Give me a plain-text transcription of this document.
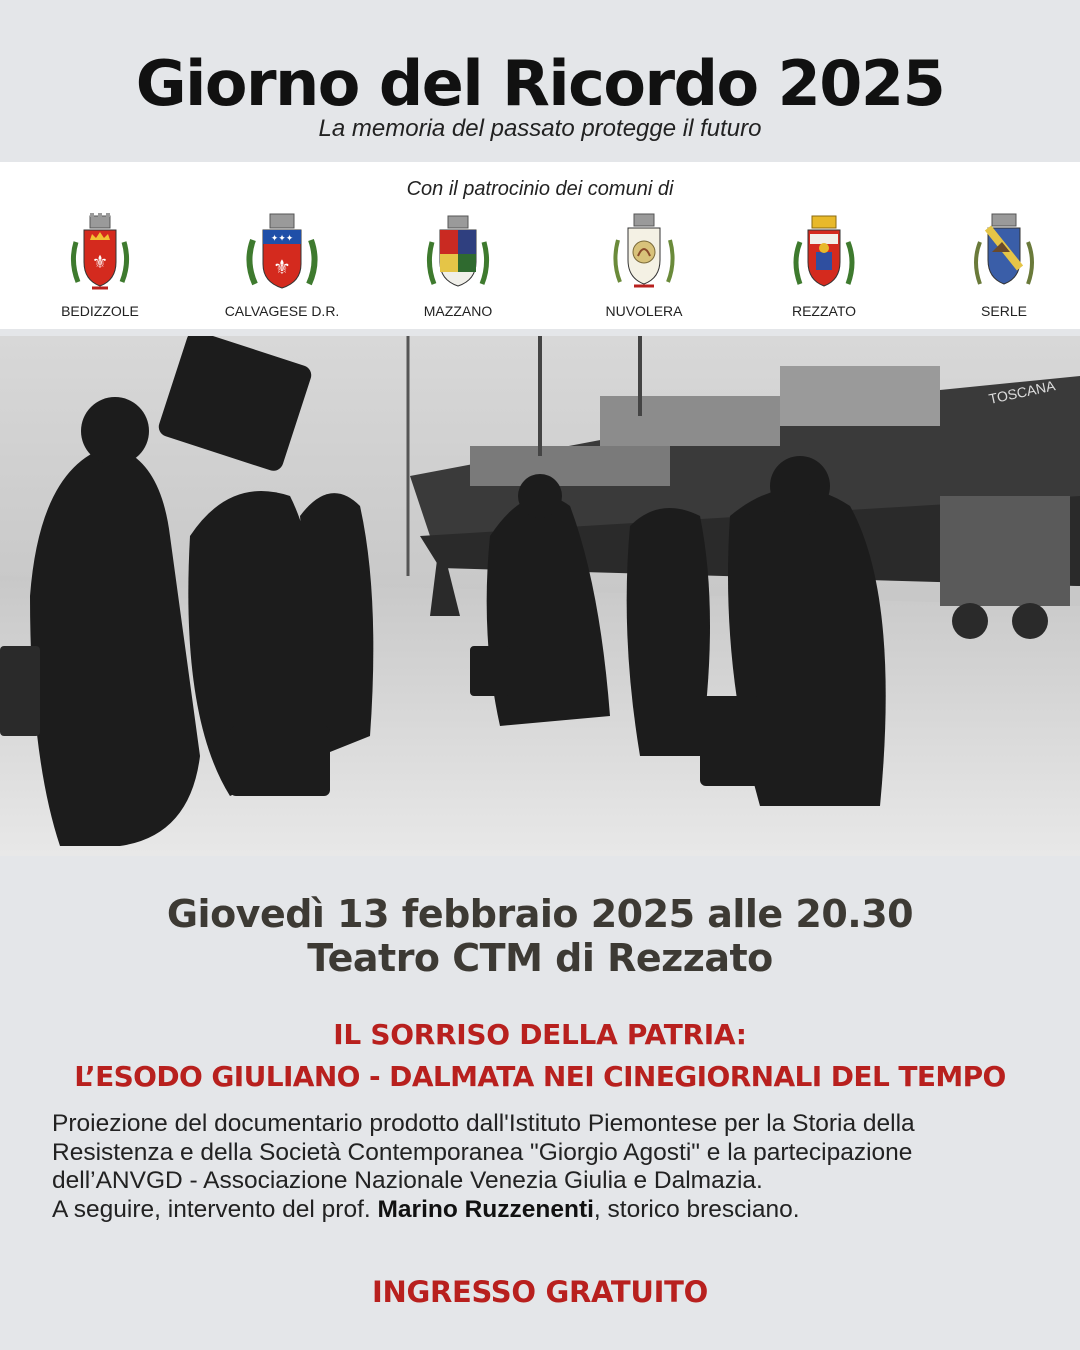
Giorno del Ricordo 2025
La memoria del passato protegge il futuro
Con il patrocinio dei comuni di
⚜
BEDIZZOLE
✦✦✦
⚜
CALVAGESE D.R.	MAZZANO	NUVOLERA	REZZATO	SERLE
TOSCANA
Giovedì 13 febbraio 2025 alle 20.30
Teatro CTM di Rezzato
IL SORRISO DELLA PATRIA:
L’ESODO GIULIANO - DALMATA NEI CINEGIORNALI DEL TEMPO
Proiezione del documentario prodotto dall'Istituto Piemontese per la Storia della
Resistenza e della Società Contemporanea "Giorgio Agosti" e la partecipazione
dell’ANVGD - Associazione Nazionale Venezia Giulia e Dalmazia.
A seguire, intervento del prof. Marino Ruzzenenti, storico bresciano.
INGRESSO GRATUITO
